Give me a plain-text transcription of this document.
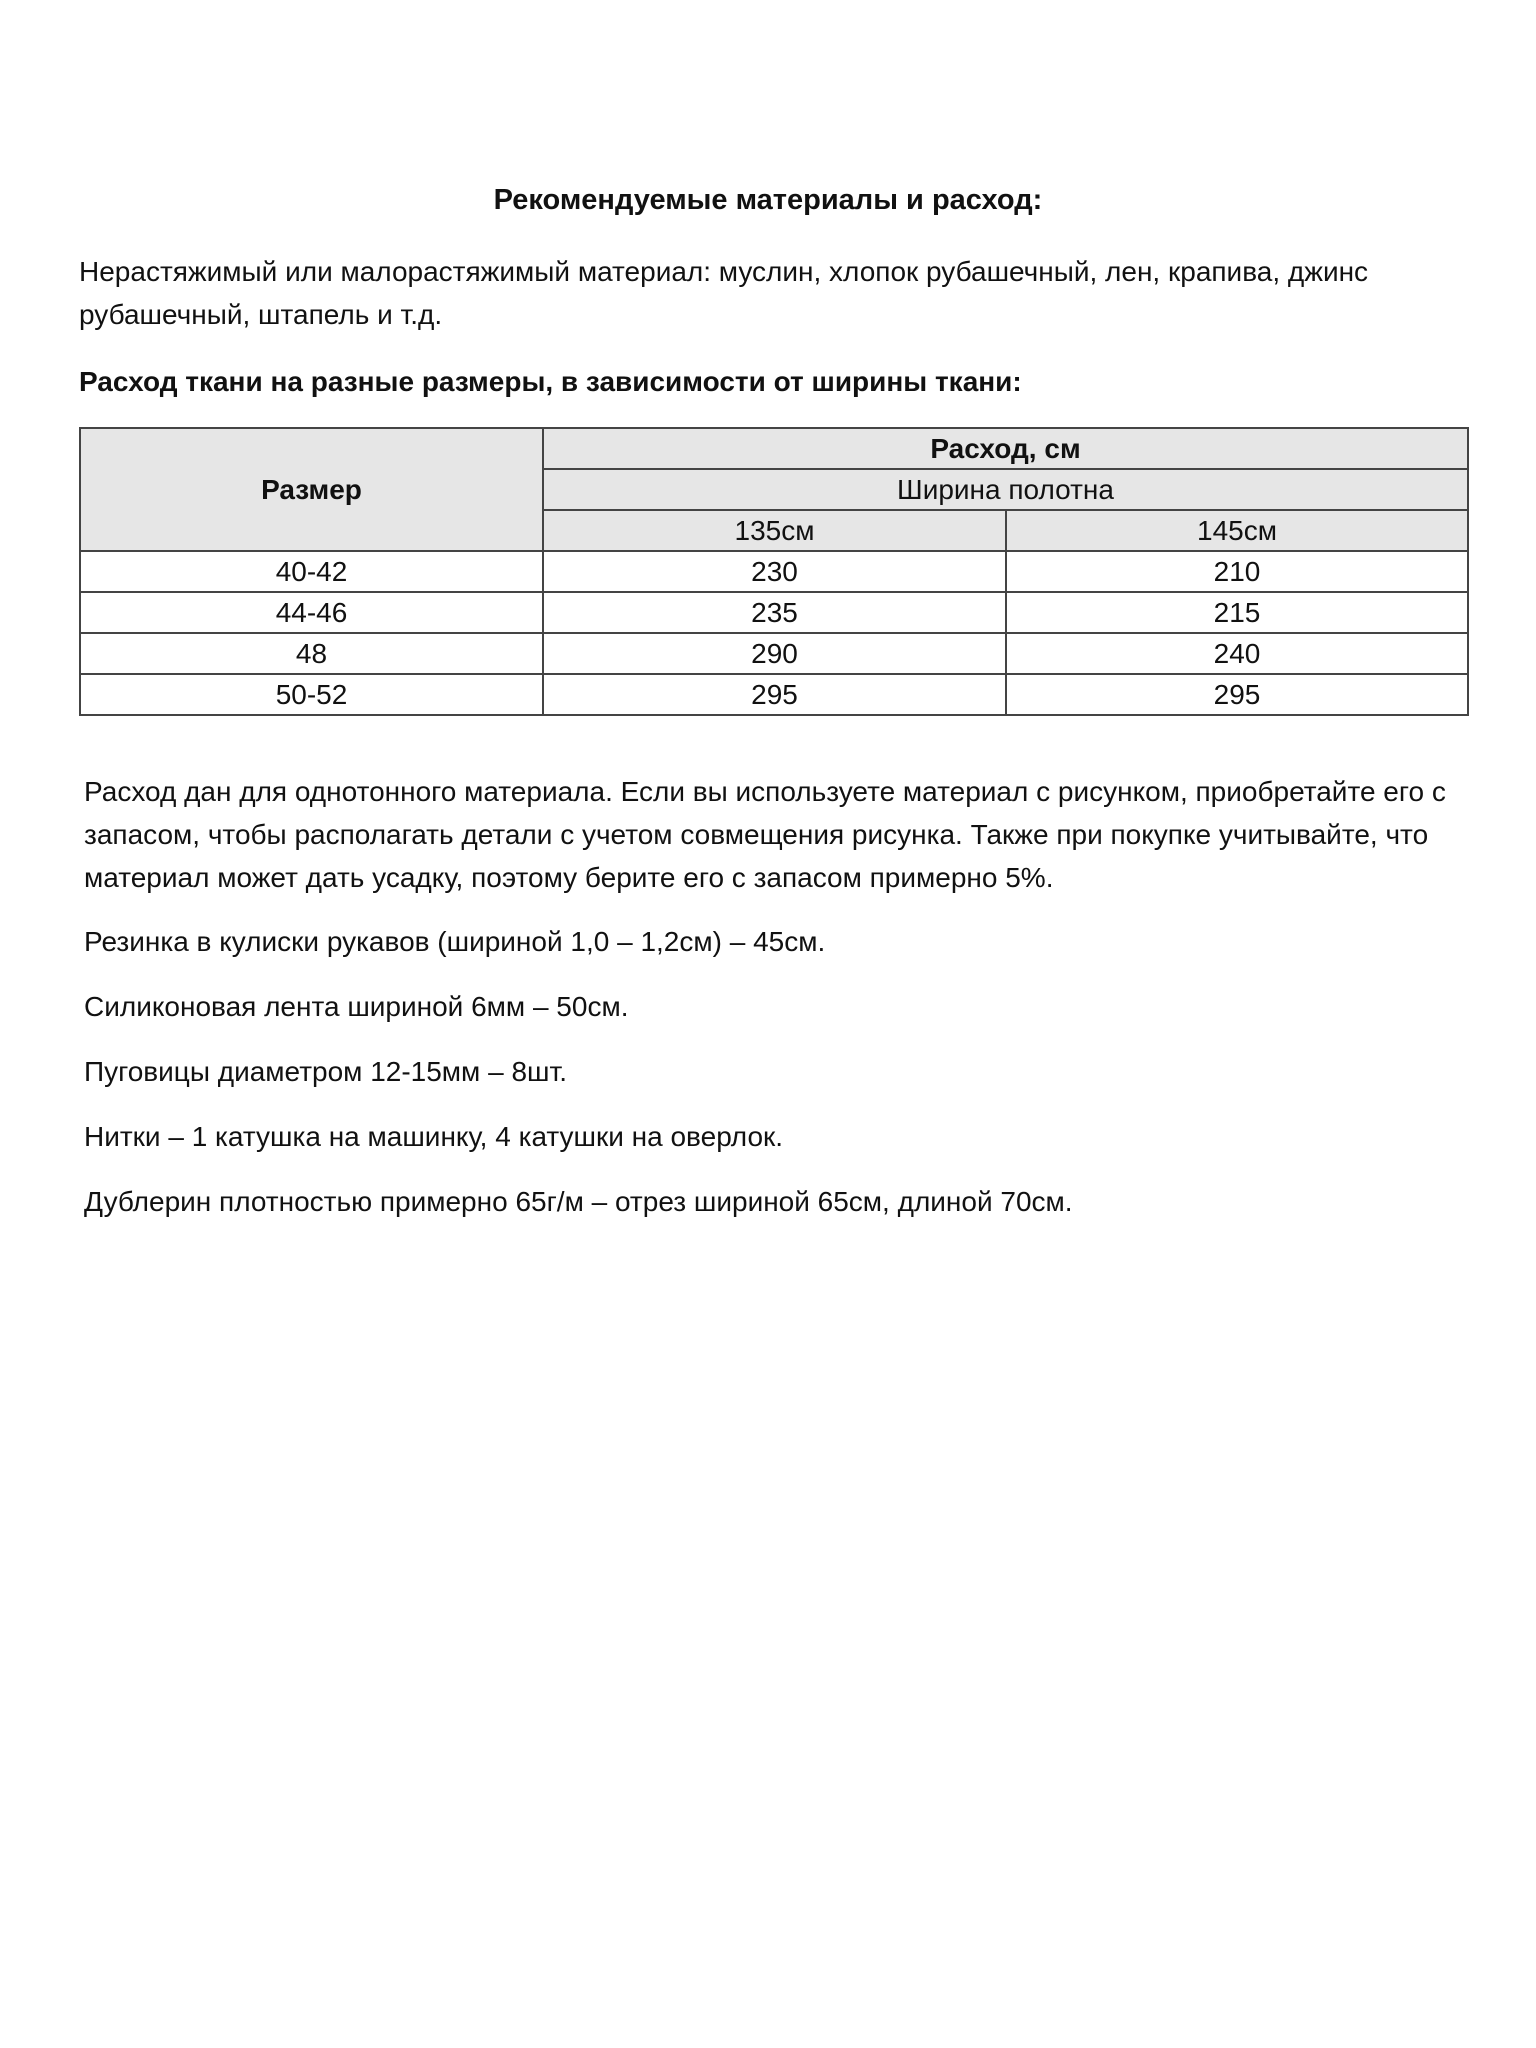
Рекомендуемые материалы и расход:
Нерастяжимый или малорастяжимый материал: муслин, хлопок рубашечный, лен, крапива, джинс рубашечный, штапель и т.д.
Расход ткани на разные размеры, в зависимости от ширины ткани:
Размер	Расход, см	
	Ширина полотна	
	135см	145см
40-42	230	210
44-46	235	215
48	290	240
50-52	295	295

Расход дан для однотонного материала. Если вы используете материал с рисунком, приобретайте его с запасом, чтобы располагать детали с учетом совмещения рисунка. Также при покупке учитывайте, что материал может дать усадку, поэтому берите его с запасом примерно 5%.

Резинка в кулиски рукавов (шириной 1,0 – 1,2см) – 45см.

Силиконовая лента шириной 6мм – 50см.

Пуговицы диаметром 12-15мм – 8шт.

Нитки – 1 катушка на машинку, 4 катушки на оверлок.

Дублерин плотностью примерно 65г/м – отрез шириной 65см, длиной 70см.
